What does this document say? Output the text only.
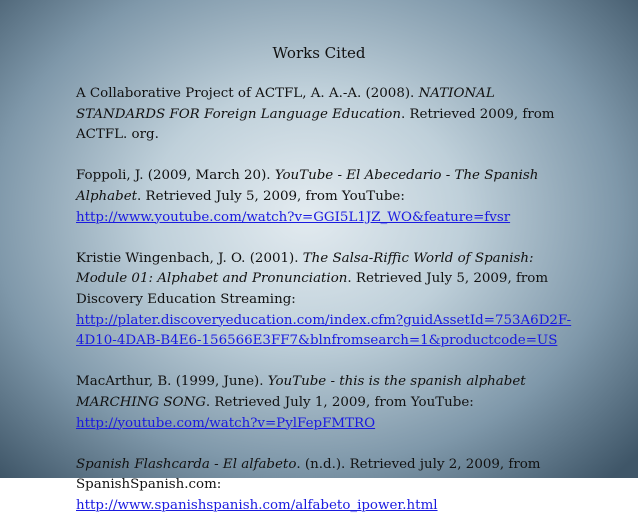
Works Cited
A Collaborative Project of ACTFL, A. A.-A. (2008). NATIONAL
STANDARDS FOR Foreign Language Education. Retrieved 2009, from
ACTFL. org.
Foppoli, J. (2009, March 20). YouTube - El Abecedario - The Spanish
Alphabet. Retrieved July 5, 2009, from YouTube:
http://www.youtube.com/watch?v=GGI5L1JZ_WO&feature=fvsr
Kristie Wingenbach, J. O. (2001). The Salsa-Riffic World of Spanish:
Module 01: Alphabet and Pronunciation. Retrieved July 5, 2009, from
Discovery Education Streaming:
http://plater.discoveryeducation.com/index.cfm?guidAssetId=753A6D2F-
4D10-4DAB-B4E6-156566E3FF7&blnfromsearch=1&productcode=US
MacArthur, B. (1999, June). YouTube - this is the spanish alphabet
MARCHING SONG. Retrieved July 1, 2009, from YouTube:
http://youtube.com/watch?v=PylFepFMTRO
Spanish Flashcarda - El alfabeto. (n.d.). Retrieved july 2, 2009, from
SpanishSpanish.com:
http://www.spanishspanish.com/alfabeto_ipower.html
